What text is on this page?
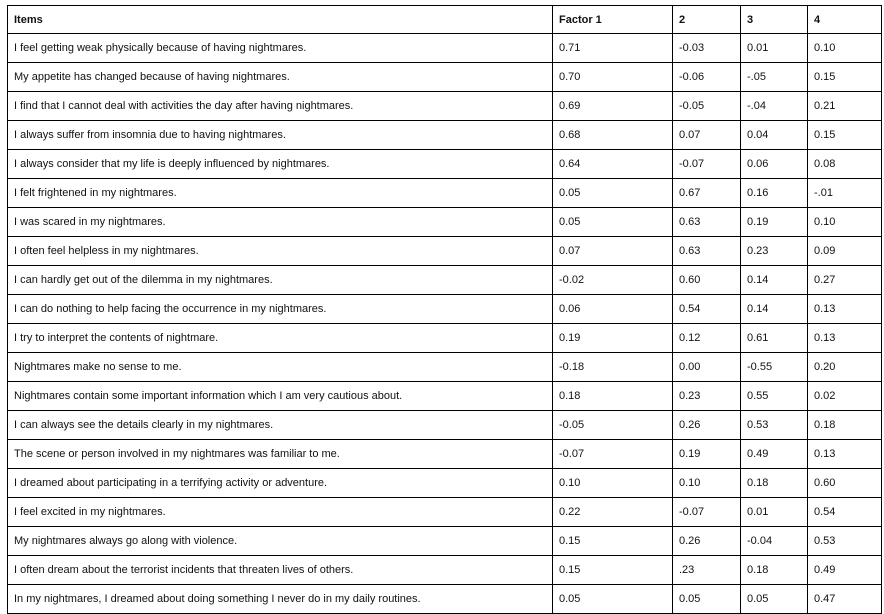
Items	Factor 1	2	3	4
I feel getting weak physically because of having nightmares.	0.71	-0.03	0.01	0.10
My appetite has changed because of having nightmares.	0.70	-0.06	-.05	0.15
I find that I cannot deal with activities the day after having nightmares.	0.69	-0.05	-.04	0.21
I always suffer from insomnia due to having nightmares.	0.68	0.07	0.04	0.15
I always consider that my life is deeply influenced by nightmares.	0.64	-0.07	0.06	0.08
I felt frightened in my nightmares.	0.05	0.67	0.16	-.01
I was scared in my nightmares.	0.05	0.63	0.19	0.10
I often feel helpless in my nightmares.	0.07	0.63	0.23	0.09
I can hardly get out of the dilemma in my nightmares.	-0.02	0.60	0.14	0.27
I can do nothing to help facing the occurrence in my nightmares.	0.06	0.54	0.14	0.13
I try to interpret the contents of nightmare.	0.19	0.12	0.61	0.13
Nightmares make no sense to me.	-0.18	0.00	-0.55	0.20
Nightmares contain some important information which I am very cautious about.	0.18	0.23	0.55	0.02
I can always see the details clearly in my nightmares.	-0.05	0.26	0.53	0.18
The scene or person involved in my nightmares was familiar to me.	-0.07	0.19	0.49	0.13
I dreamed about participating in a terrifying activity or adventure.	0.10	0.10	0.18	0.60
I feel excited in my nightmares.	0.22	-0.07	0.01	0.54
My nightmares always go along with violence.	0.15	0.26	-0.04	0.53
I often dream about the terrorist incidents that threaten lives of others.	0.15	.23	0.18	0.49
In my nightmares, I dreamed about doing something I never do in my daily routines.	0.05	0.05	0.05	0.47
